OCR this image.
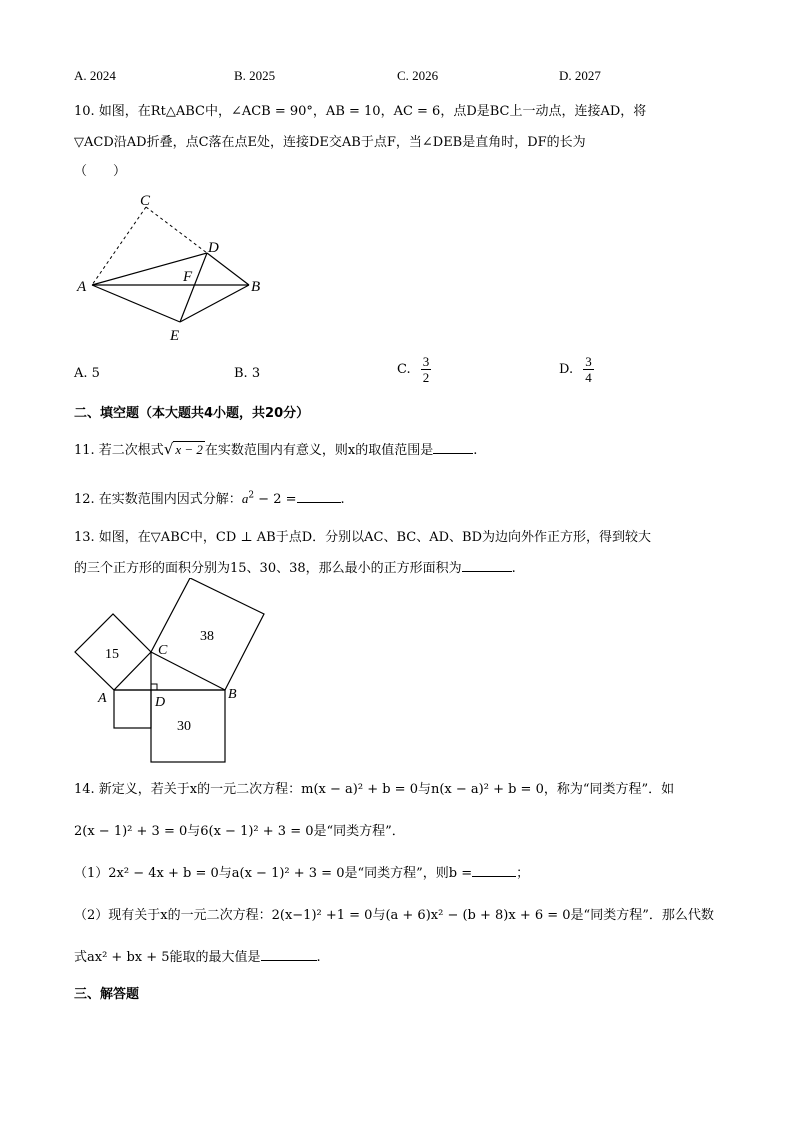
A. 2024	B. 2025	C. 2026	D. 2027
10. 如图，在Rt△ABC中，∠ACB = 90°，AB = 10，AC = 6，点D是BC上一动点，连接AD，将
▽ACD沿AD折叠，点C落在点E处，连接DE交AB于点F，当∠DEB是直角时，DF的长为
（　　）
C
D
A
F
B
E
A. 5	B. 3	C. $\frac{3}{2}$	D. $\frac{3}{4}$
二、填空题（本大题共4小题，共20分）
11. 若二次根式√ x − 2 在实数范围内有意义，则x的取值范围是	.
12. 在实数范围内因式分解：$a^2 - 2$ =	.
13. 如图，在▽ABC中，CD ⊥ AB于点D．分别以AC、BC、AD、BD为边向外作正方形，得到较大
的三个正方形的面积分别为15、30、38，那么最小的正方形面积为	.
15
38
30
C
A	D
B
14. 新定义，若关于x的一元二次方程：m(x − a)² + b = 0与n(x − a)² + b = 0，称为“同类方程”．如
2(x − 1)² + 3 = 0与6(x − 1)² + 3 = 0是“同类方程”．
（1）2x² − 4x + b = 0与a(x − 1)² + 3 = 0是“同类方程”，则b =	；
（2）现有关于x的一元二次方程：2(x−1)² +1 = 0与(a + 6)x² − (b + 8)x + 6 = 0是“同类方程”．那么代数
式ax² + bx + 5能取的最大值是	.
三、解答题
